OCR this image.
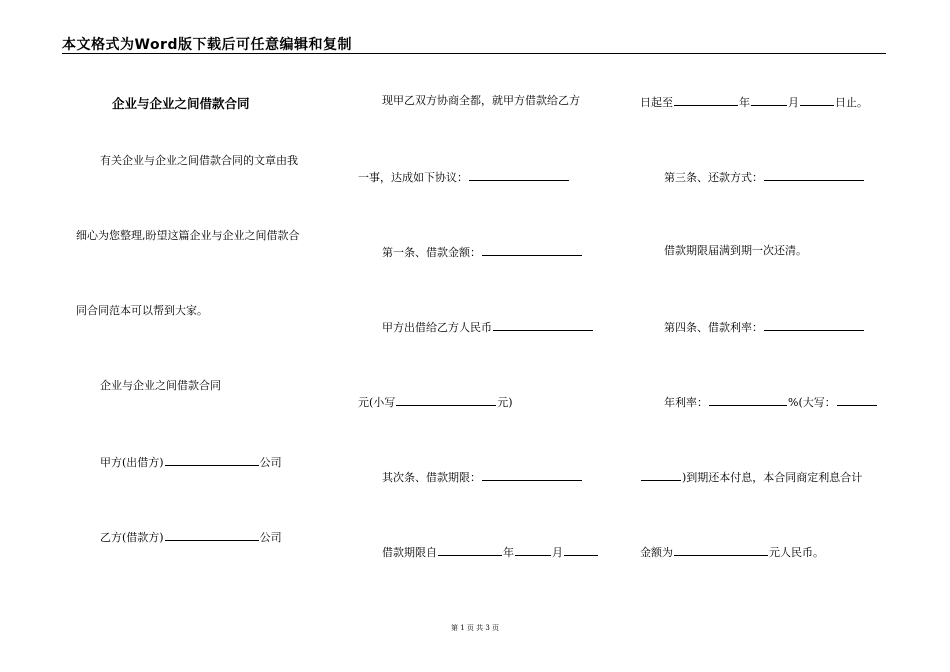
本文格式为Word版下载后可任意编辑和复制
企业与企业之间借款合同
有关企业与企业之间借款合同的文章由我
细心为您整理,盼望这篇企业与企业之间借款合
同合同范本可以帮到大家。
企业与企业之间借款合同
甲方(出借方)	公司
乙方(借款方)	公司
现甲乙双方协商全都，就甲方借款给乙方
一事，达成如下协议：
第一条、借款金额：
甲方出借给乙方人民币
元(小写	元)
其次条、借款期限：
借款期限自	年	月
日起至	年	月	日止。
第三条、还款方式：
借款期限届满到期一次还清。
第四条、借款利率：
年利率：	%(大写：
)到期还本付息，本合同商定利息合计
金额为	元人民币。
第 1 页 共 3 页
